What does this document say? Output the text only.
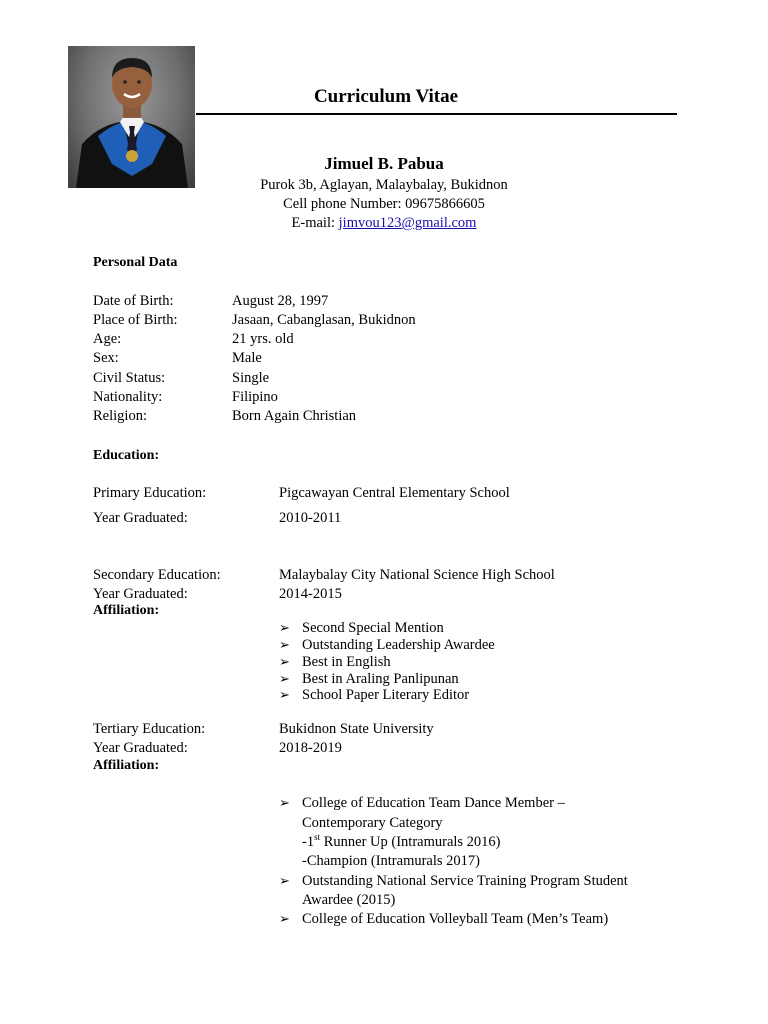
Curriculum Vitae
Jimuel B. Pabua
Purok 3b, Aglayan, Malaybalay, Bukidnon
Cell phone Number: 09675866605
E-mail: jimvou123@gmail.com
Personal Data
Date of Birth:	August 28, 1997
Place of Birth:	Jasaan, Cabanglasan, Bukidnon
Age:	21 yrs. old
Sex:	Male
Civil Status:	Single
Nationality:	Filipino
Religion:	Born Again Christian
Education:
Primary Education:	Pigcawayan Central Elementary School
Year Graduated:	2010-2011
Secondary Education:	Malaybalay City National Science High School
Year Graduated:	2014-2015
Affiliation:
➢ Second Special Mention
➢ Outstanding Leadership Awardee
➢ Best in English
➢ Best in Araling Panlipunan
➢ School Paper Literary Editor
Tertiary Education:	Bukidnon State University
Year Graduated:	2018-2019
Affiliation:
➢ College of Education Team Dance Member –
Contemporary Category
-1st Runner Up (Intramurals 2016)
-Champion (Intramurals 2017)
➢ Outstanding National Service Training Program Student
Awardee (2015)
➢ College of Education Volleyball Team (Men’s Team)
